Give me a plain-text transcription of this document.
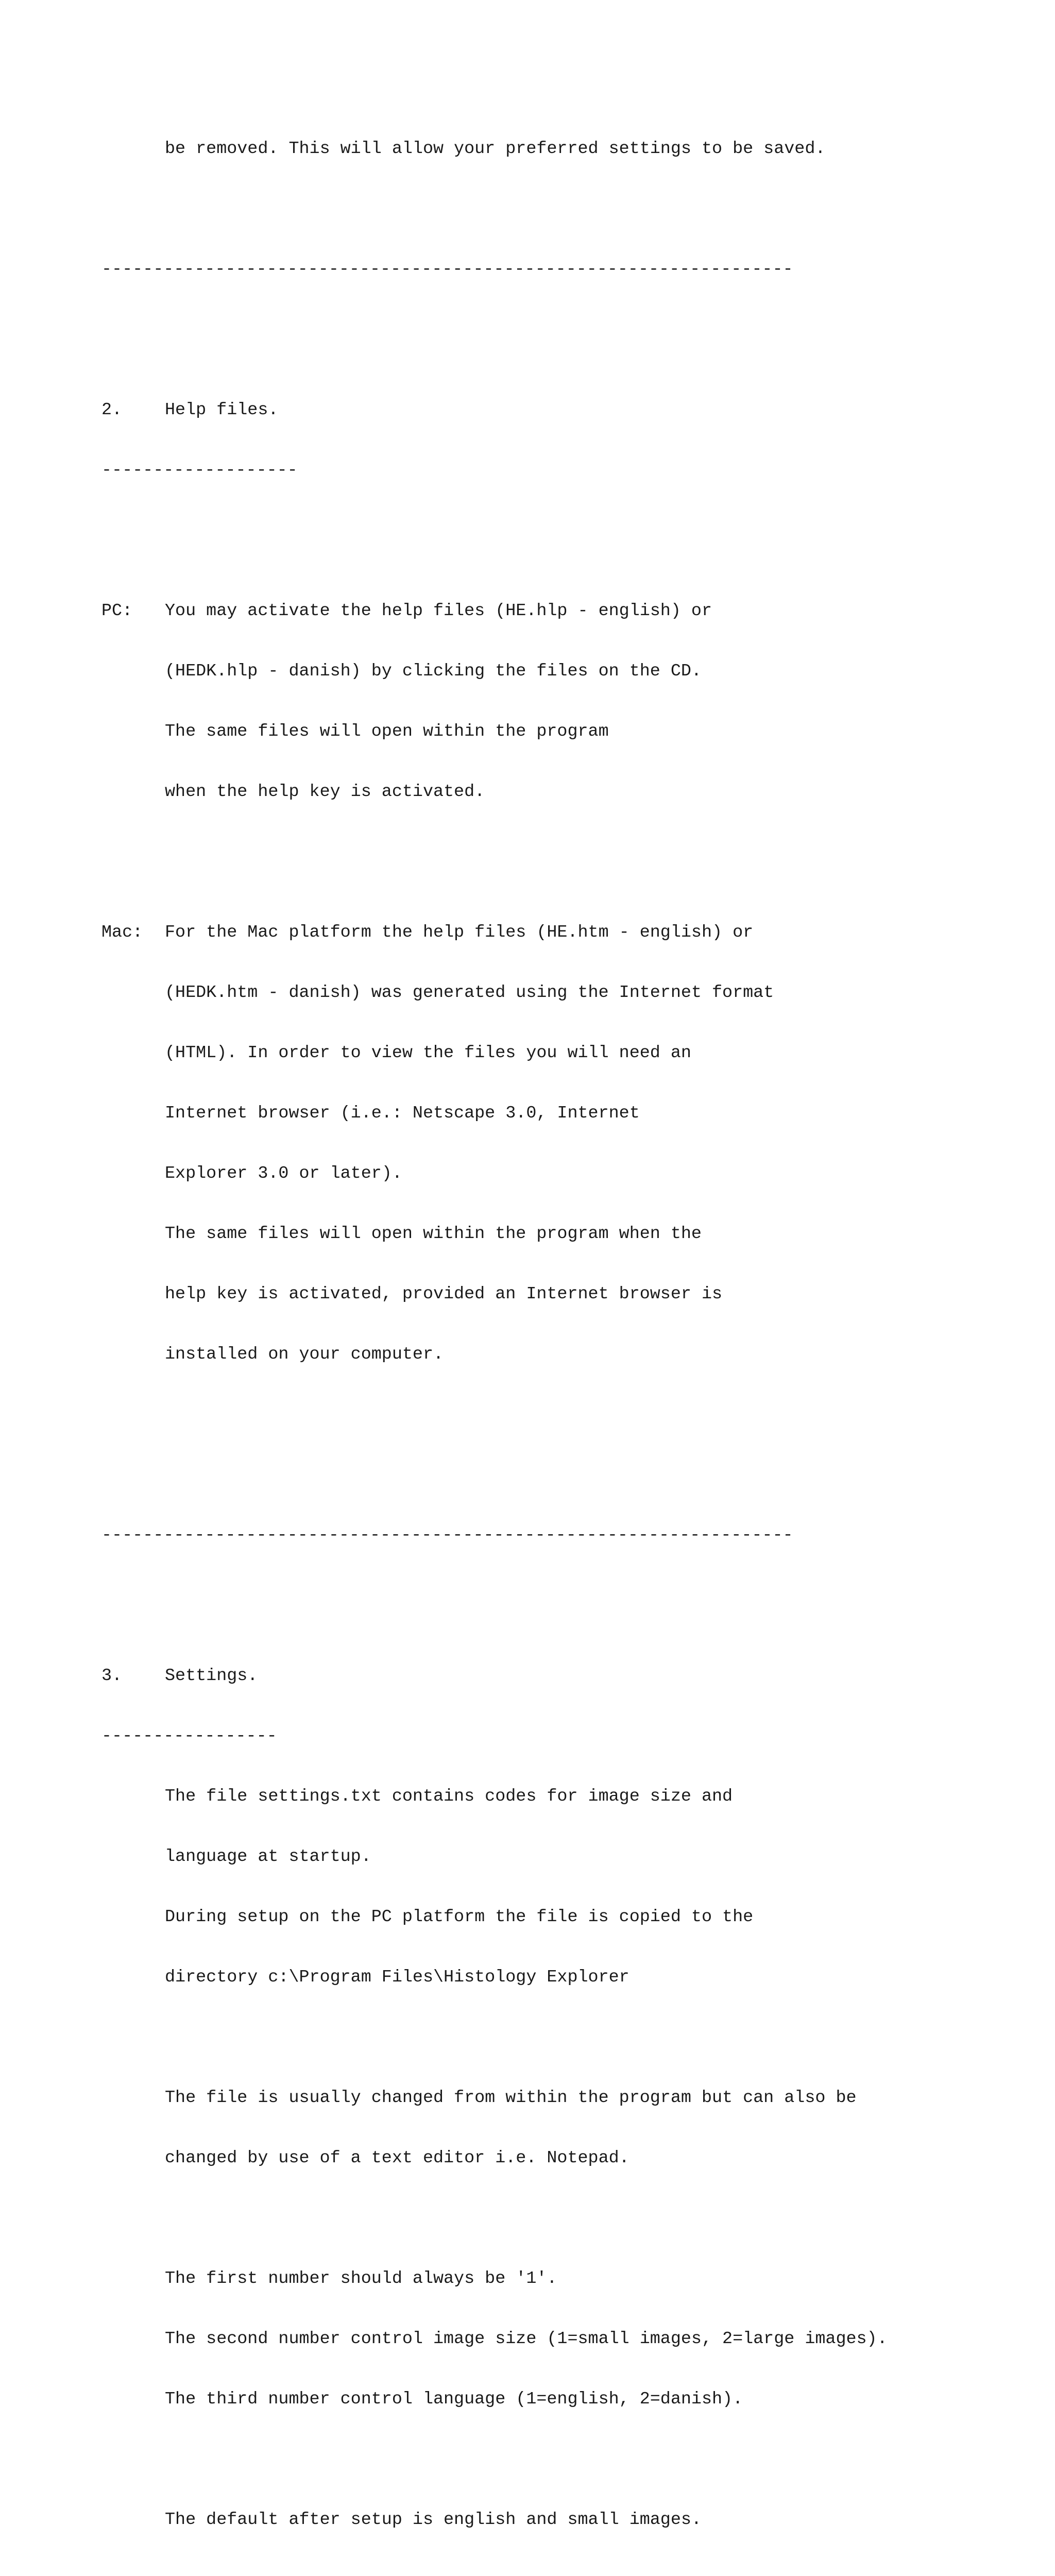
be removed. This will allow your preferred settings to be saved.

-------------------------------------------------------------------

2. Help files.

-------------------

PC: You may activate the help files (HE.hlp - english) or

(HEDK.hlp - danish) by clicking the files on the CD.

The same files will open within the program

when the help key is activated.

Mac: For the Mac platform the help files (HE.htm - english) or

(HEDK.htm - danish) was generated using the Internet format

(HTML). In order to view the files you will need an

Internet browser (i.e.: Netscape 3.0, Internet

Explorer 3.0 or later).

The same files will open within the program when the

help key is activated, provided an Internet browser is

installed on your computer.

-------------------------------------------------------------------

3. Settings.

-----------------

The file settings.txt contains codes for image size and

language at startup.

During setup on the PC platform the file is copied to the

directory c:\Program Files\Histology Explorer

The file is usually changed from within the program but can also be

changed by use of a text editor i.e. Notepad.

The first number should always be '1'.

The second number control image size (1=small images, 2=large images).

The third number control language (1=english, 2=danish).

The default after setup is english and small images.
